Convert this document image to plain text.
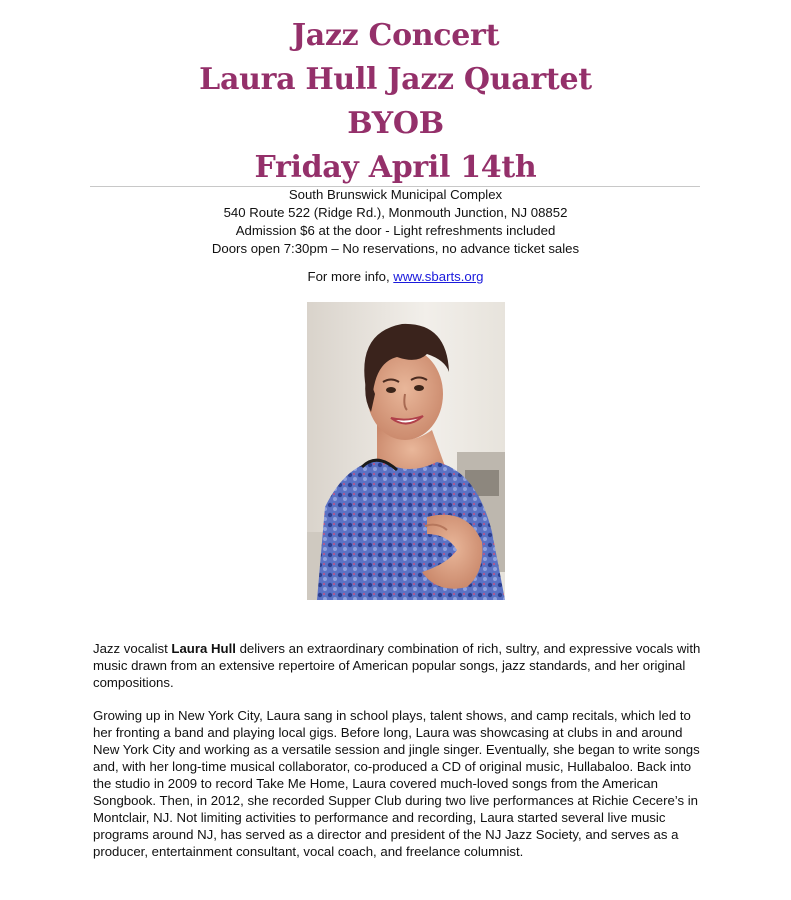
Jazz Concert
Laura Hull Jazz Quartet
BYOB
Friday April 14th
South Brunswick Municipal Complex
540 Route 522 (Ridge Rd.), Monmouth Junction, NJ 08852
Admission $6 at the door - Light refreshments included
Doors open 7:30pm – No reservations, no advance ticket sales
For more info, www.sbarts.org

Jazz vocalist Laura Hull delivers an extraordinary combination of rich, sultry, and expressive vocals with music drawn from an extensive repertoire of American popular songs, jazz standards, and her original compositions.

Growing up in New York City, Laura sang in school plays, talent shows, and camp recitals, which led to her fronting a band and playing local gigs. Before long, Laura was showcasing at clubs in and around New York City and working as a versatile session and jingle singer. Eventually, she began to write songs and, with her long-time musical collaborator, co-produced a CD of original music, Hullabaloo. Back into the studio in 2009 to record Take Me Home, Laura covered much-loved songs from the American Songbook. Then, in 2012, she recorded Supper Club during two live performances at Richie Cecere’s in Montclair, NJ. Not limiting activities to performance and recording, Laura started several live music programs around NJ, has served as a director and president of the NJ Jazz Society, and serves as a producer, entertainment consultant, vocal coach, and freelance columnist.
